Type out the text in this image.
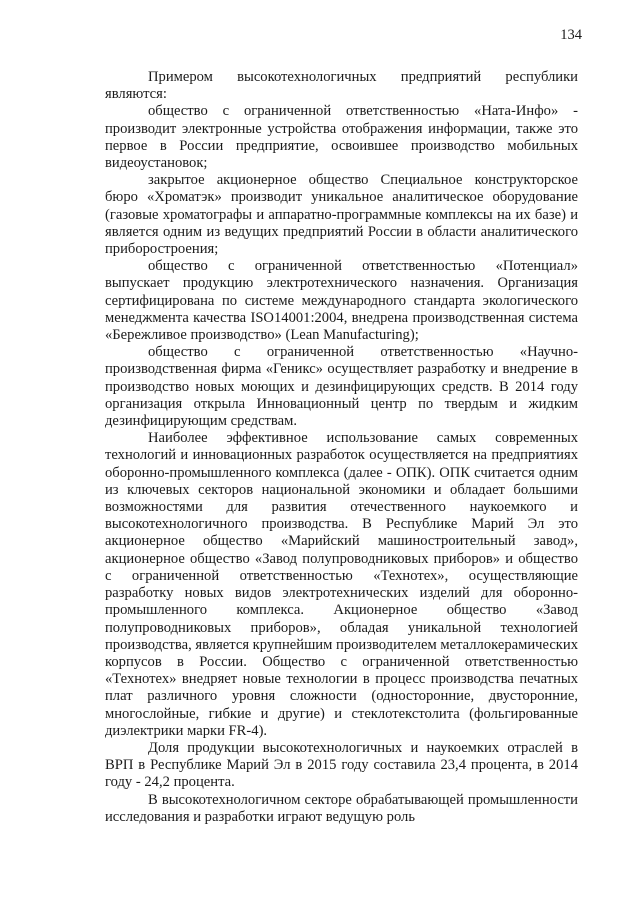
134

Примером высокотехнологичных предприятий республики являются:

общество с ограниченной ответственностью «Ната-Инфо» - производит электронные устройства отображения информации, также это первое в России предприятие, освоившее производство мобильных видеоустановок;

закрытое акционерное общество Специальное конструкторское бюро «Хроматэк» производит уникальное аналитическое оборудование (газовые хроматографы и аппаратно-программные комплексы на их базе) и является одним из ведущих предприятий России в области аналитического приборостроения;

общество с ограниченной ответственностью «Потенциал» выпускает продукцию электротехнического назначения. Организация сертифицирована по системе международного стандарта экологического менеджмента качества ISO14001:2004, внедрена производственная система «Бережливое производство» (Lean Manufacturing);

общество с ограниченной ответственностью «Научно-производственная фирма «Геникс» осуществляет разработку и внедрение в производство новых моющих и дезинфицирующих средств. В 2014 году организация открыла Инновационный центр по твердым и жидким дезинфицирующим средствам.

Наиболее эффективное использование самых современных технологий и инновационных разработок осуществляется на предприятиях оборонно-промышленного комплекса (далее - ОПК). ОПК считается одним из ключевых секторов национальной экономики и обладает большими возможностями для развития отечественного наукоемкого и высокотехнологичного производства. В Республике Марий Эл это акционерное общество «Марийский машиностроительный завод», акционерное общество «Завод полупроводниковых приборов» и общество с ограниченной ответственностью «Технотех», осуществляющие разработку новых видов электротехнических изделий для оборонно-промышленного комплекса. Акционерное общество «Завод полупроводниковых приборов», обладая уникальной технологией производства, является крупнейшим производителем металлокерамических корпусов в России. Общество с ограниченной ответственностью «Технотех» внедряет новые технологии в процесс производства печатных плат различного уровня сложности (односторонние, двусторонние, многослойные, гибкие и другие) и стеклотекстолита (фольгированные диэлектрики марки FR-4).

Доля продукции высокотехнологичных и наукоемких отраслей в ВРП в Республике Марий Эл в 2015 году составила 23,4 процента, в 2014 году - 24,2 процента.

В высокотехнологичном секторе обрабатывающей промышленности исследования и разработки играют ведущую роль
